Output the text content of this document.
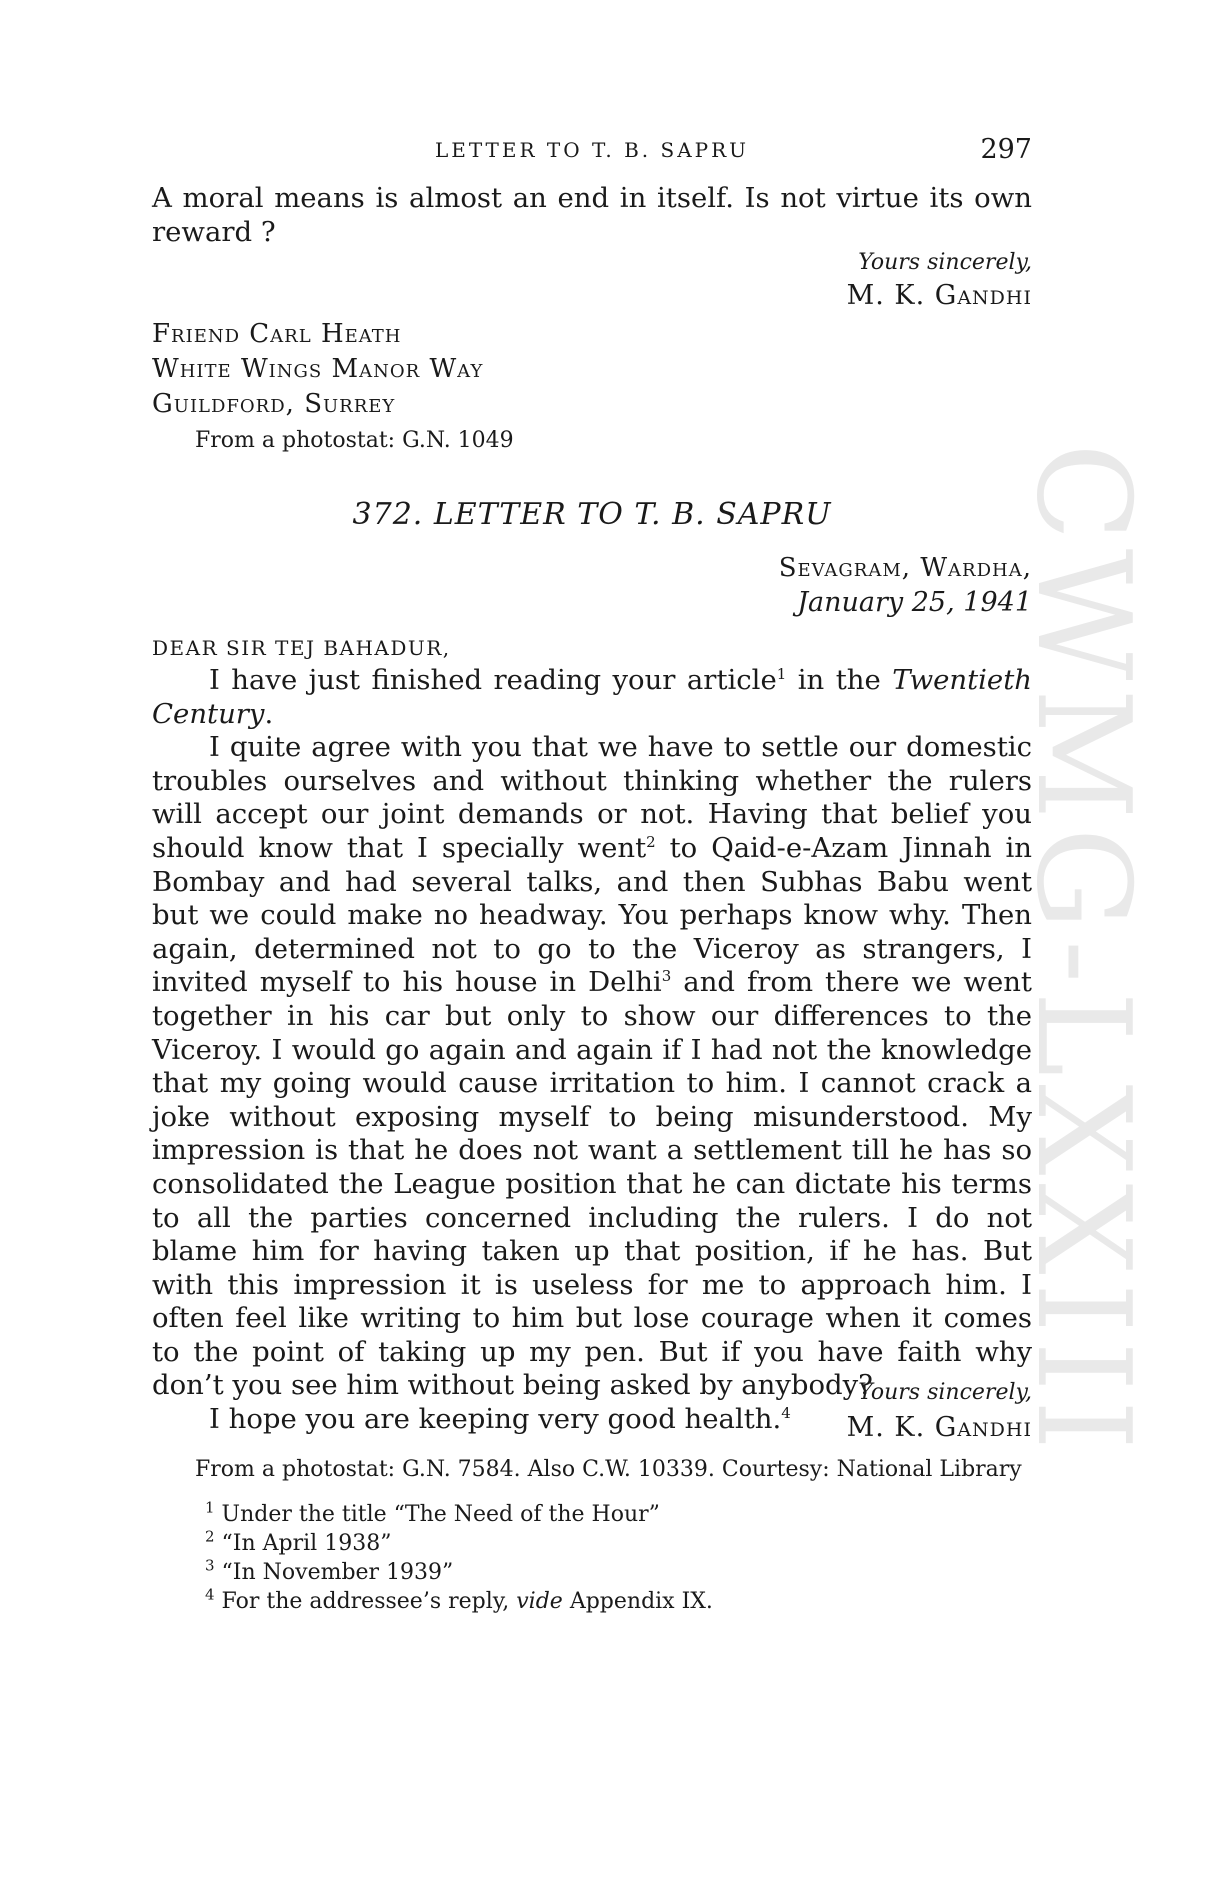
CWMG-LXXIII
LETTER TO T. B. SAPRU	297

A moral means is almost an end in itself. Is not virtue its own reward ?

Yours sincerely,
M. K. Gandhi
Friend Carl Heath
White Wings Manor Way
Guildford, Surrey
From a photostat: G.N. 1049
372. LETTER TO T. B. SAPRU
Sevagram, Wardha,
January 25, 1941
DEAR SIR TEJ BAHADUR,

I have just finished reading your article$^1$ in the Twentieth Century.

I quite agree with you that we have to settle our domestic troubles ourselves and without thinking whether the rulers will accept our joint demands or not. Having that belief you should know that I specially went$^2$ to Qaid-e-Azam Jinnah in Bombay and had several talks, and then Subhas Babu went but we could make no headway. You perhaps know why. Then again, determined not to go to the Viceroy as strangers, I invited myself to his house in Delhi$^3$ and from there we went together in his car but only to show our differences to the Viceroy. I would go again and again if I had not the knowledge that my going would cause irritation to him. I cannot crack a joke without exposing myself to being misunderstood. My impression is that he does not want a settlement till he has so consolidated the League position that he can dictate his terms to all the parties concerned including the rulers. I do not blame him for having taken up that position, if he has. But with this impression it is useless for me to approach him. I often feel like writing to him but lose courage when it comes to the point of taking up my pen. But if you have faith why don’t you see him without being asked by anybody?

I hope you are keeping very good health.$^4$

Yours sincerely,
M. K. Gandhi
From a photostat: G.N. 7584. Also C.W. 10339. Courtesy: National Library

$^1$ Under the title “The Need of the Hour”

$^2$ “In April 1938”

$^3$ “In November 1939”

$^4$ For the addressee’s reply, vide Appendix IX.
